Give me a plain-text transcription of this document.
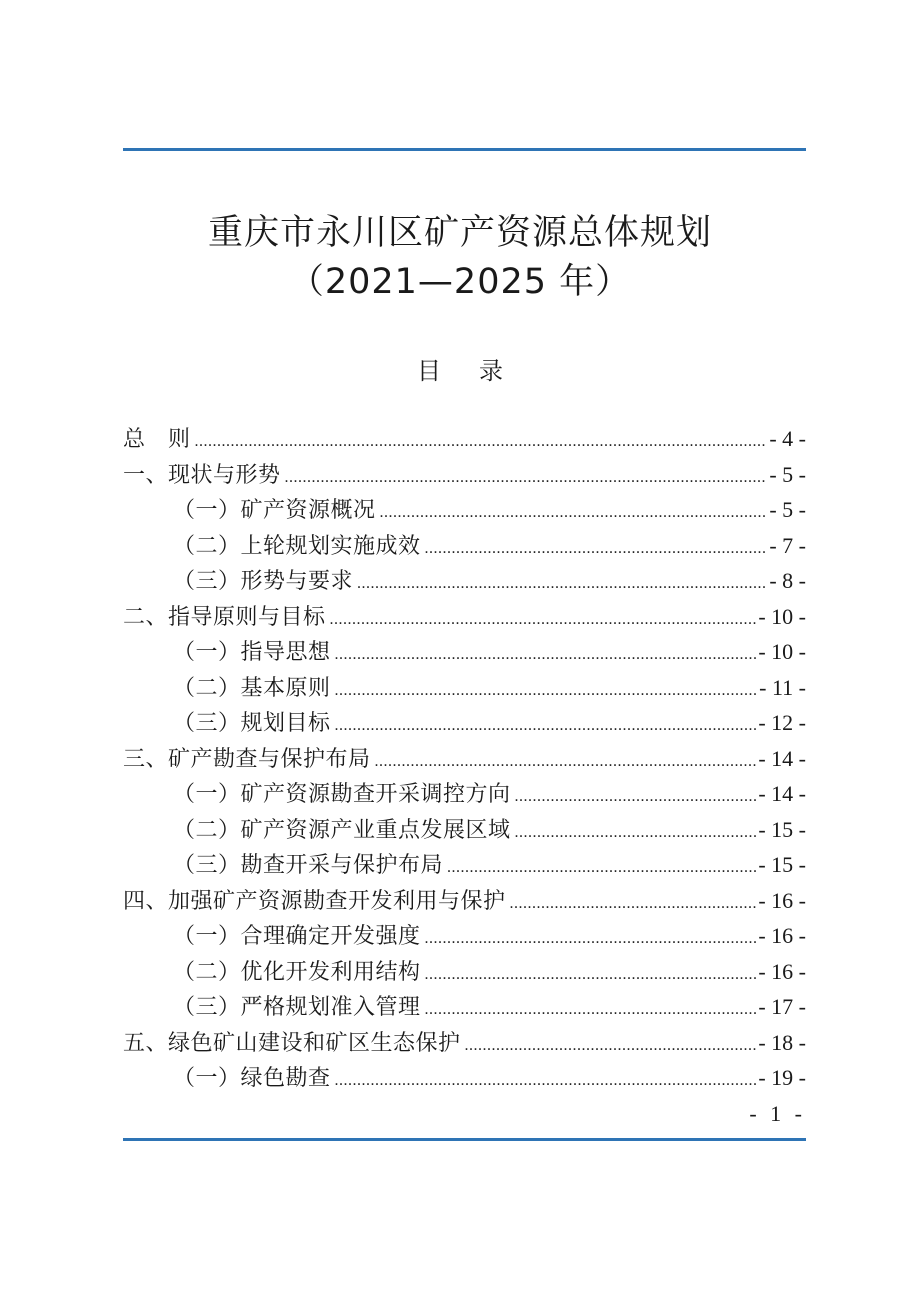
重庆市永川区矿产资源总体规划
（2021—2025 年）
目录
总　则 .....	- 4 -
一、现状与形势 .....	- 5 -
（一）矿产资源概况 .....	- 5 -
（二）上轮规划实施成效 .....	- 7 -
（三）形势与要求 .....	- 8 -
二、指导原则与目标 .....	- 10 -
（一）指导思想 .....	- 10 -
（二）基本原则 .....	- 11 -
（三）规划目标 .....	- 12 -
三、矿产勘查与保护布局 .....	- 14 -
（一）矿产资源勘查开采调控方向 .....	- 14 -
（二）矿产资源产业重点发展区域 .....	- 15 -
（三）勘查开采与保护布局 .....	- 15 -
四、加强矿产资源勘查开发利用与保护 .....	- 16 -
（一）合理确定开发强度 .....	- 16 -
（二）优化开发利用结构 .....	- 16 -
（三）严格规划准入管理 .....	- 17 -
五、绿色矿山建设和矿区生态保护 .....	- 18 -
（一）绿色勘查 .....	- 19 -
- 1 -
